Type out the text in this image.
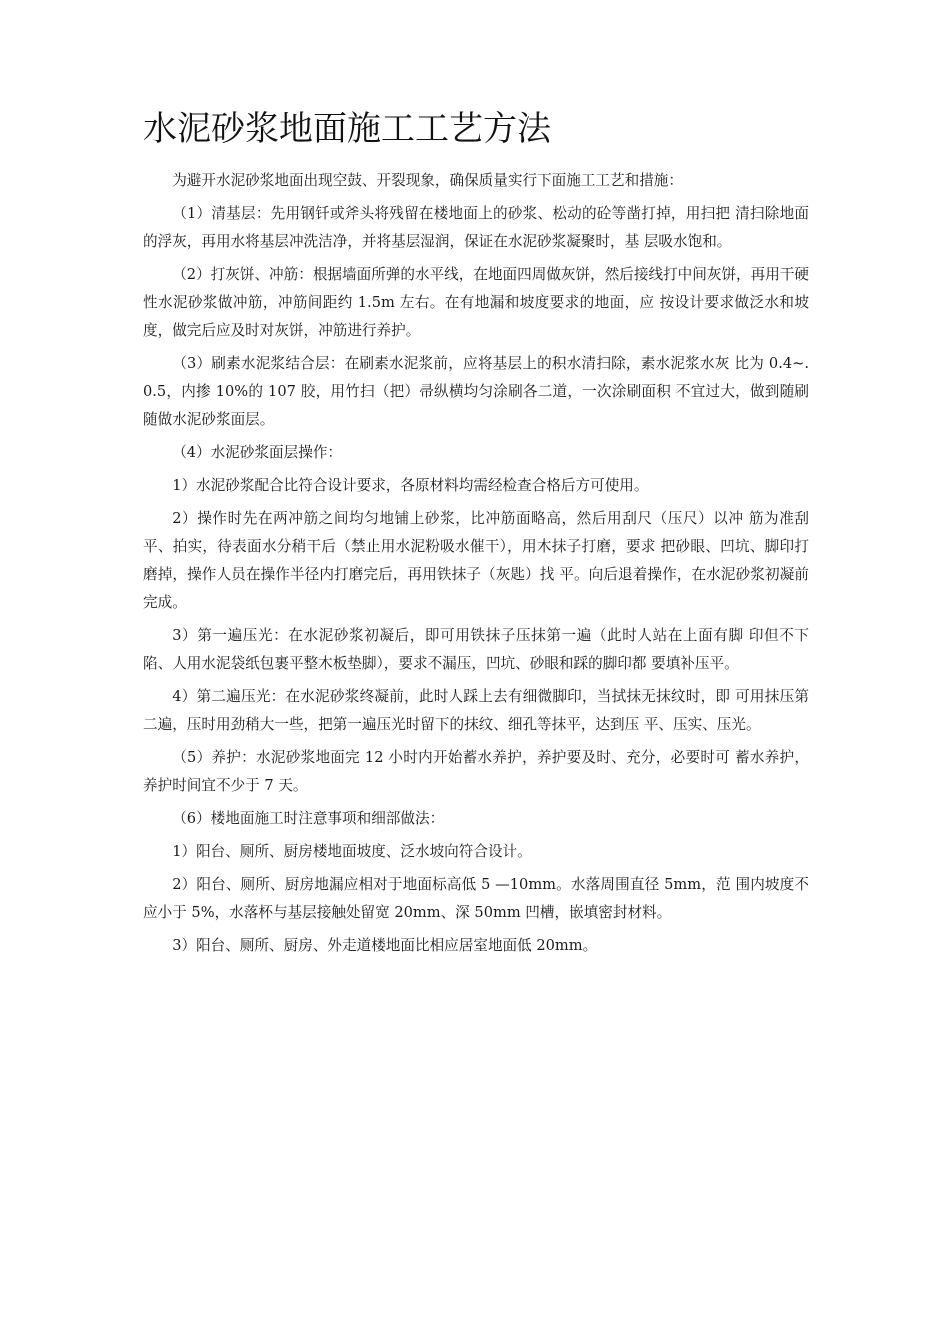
水泥砂浆地面施工工艺方法

为避开水泥砂浆地面出现空鼓、开裂现象，确保质量实行下面施工工艺和措施：

（1）清基层：先用钢钎或斧头将残留在楼地面上的砂浆、松动的砼等凿打掉，用扫把 清扫除地面的浮灰，再用水将基层冲洗洁净，并将基层湿润，保证在水泥砂浆凝聚时，基 层吸水饱和。

（2）打灰饼、冲筋：根据墙面所弹的水平线，在地面四周做灰饼，然后接线打中间灰饼，再用干硬性水泥砂浆做冲筋，冲筋间距约 1.5m 左右。在有地漏和坡度要求的地面，应 按设计要求做泛水和坡度，做完后应及时对灰饼，冲筋进行养护。

（3）刷素水泥浆结合层：在刷素水泥浆前，应将基层上的积水清扫除，素水泥浆水灰 比为 0.4~.0.5，内掺 10%的 107 胶，用竹扫（把）帚纵横均匀涂刷各二道，一次涂刷面积 不宜过大，做到随刷随做水泥砂浆面层。

（4）水泥砂浆面层操作：

1）水泥砂浆配合比符合设计要求，各原材料均需经检查合格后方可使用。

2）操作时先在两冲筋之间均匀地铺上砂浆，比冲筋面略高，然后用刮尺（压尺）以冲 筋为准刮平、拍实，待表面水分稍干后（禁止用水泥粉吸水催干），用木抹子打磨，要求 把砂眼、凹坑、脚印打磨掉，操作人员在操作半径内打磨完后，再用铁抹子（灰匙）找 平。向后退着操作，在水泥砂浆初凝前完成。

3）第一遍压光：在水泥砂浆初凝后，即可用铁抹子压抹第一遍（此时人站在上面有脚 印但不下陷、人用水泥袋纸包裹平整木板垫脚），要求不漏压，凹坑、砂眼和踩的脚印都 要填补压平。

4）第二遍压光：在水泥砂浆终凝前，此时人踩上去有细微脚印，当拭抹无抹纹时，即 可用抹压第二遍，压时用劲稍大一些，把第一遍压光时留下的抹纹、细孔等抹平，达到压 平、压实、压光。

（5）养护：水泥砂浆地面完 12 小时内开始蓄水养护，养护要及时、充分，必要时可 蓄水养护，养护时间宜不少于 7 天。

（6）楼地面施工时注意事项和细部做法：

1）阳台、厕所、厨房楼地面坡度、泛水坡向符合设计。

2）阳台、厕所、厨房地漏应相对于地面标高低 5 —10mm。水落周围直径 5mm，范 围内坡度不应小于 5%，水落杯与基层接触处留宽 20mm、深 50mm 凹槽，嵌填密封材料。

3）阳台、厕所、厨房、外走道楼地面比相应居室地面低 20mm。
